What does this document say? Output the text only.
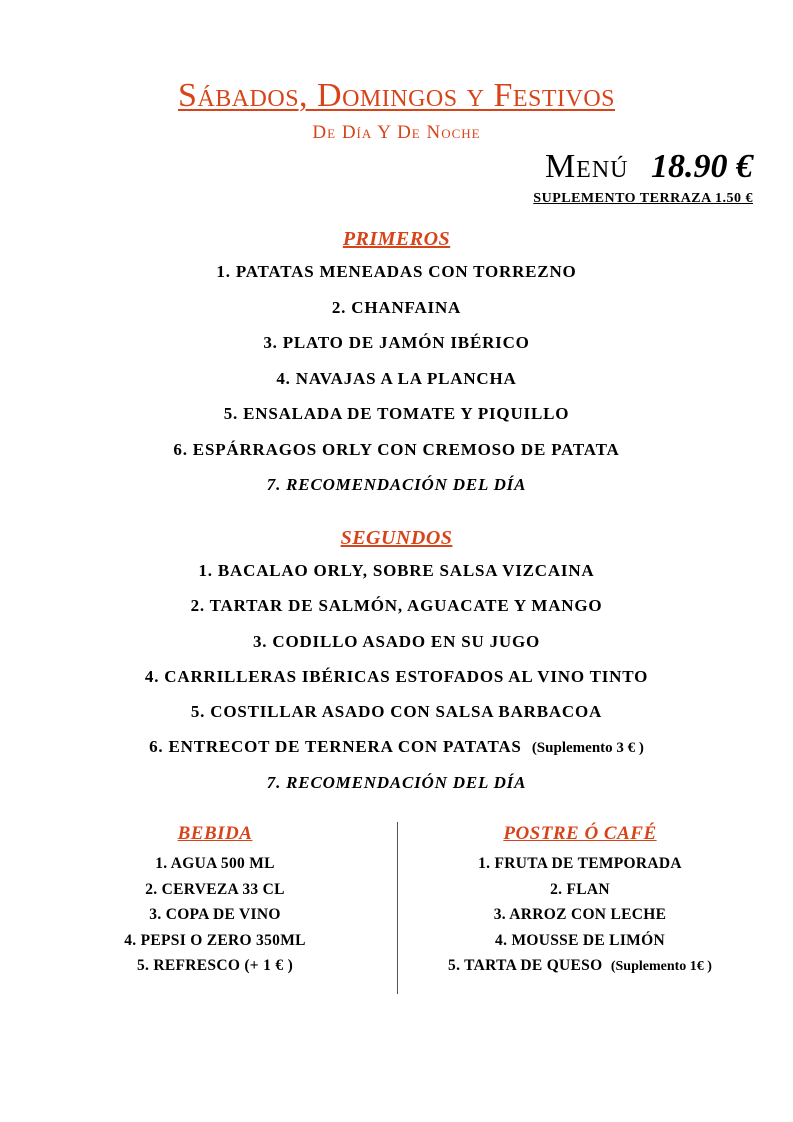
Sábados, Domingos y Festivos
De Día Y De Noche
Menú 18.90 €
SUPLEMENTO TERRAZA 1.50 €
PRIMEROS
1. PATATAS MENEADAS CON TORREZNO
2. CHANFAINA
3. PLATO DE JAMÓN IBÉRICO
4. NAVAJAS A LA PLANCHA
5. ENSALADA DE TOMATE Y PIQUILLO
6. ESPÁRRAGOS ORLY CON CREMOSO DE PATATA
7. RECOMENDACIÓN DEL DÍA
SEGUNDOS
1. BACALAO ORLY, SOBRE SALSA VIZCAINA
2. TARTAR DE SALMÓN, AGUACATE Y MANGO
3. CODILLO ASADO EN SU JUGO
4. CARRILLERAS IBÉRICAS ESTOFADOS AL VINO TINTO
5. COSTILLAR ASADO CON SALSA BARBACOA
6. ENTRECOT DE TERNERA CON PATATAS (Suplemento 3 € )
7. RECOMENDACIÓN DEL DÍA
BEBIDA
1. AGUA 500 ML
2. CERVEZA 33 CL
3. COPA DE VINO
4. PEPSI O ZERO 350ML
5. REFRESCO (+ 1 € )
POSTRE Ó CAFÉ
1. FRUTA DE TEMPORADA
2. FLAN
3. ARROZ CON LECHE
4. MOUSSE DE LIMÓN
5. TARTA DE QUESO (Suplemento 1€ )
